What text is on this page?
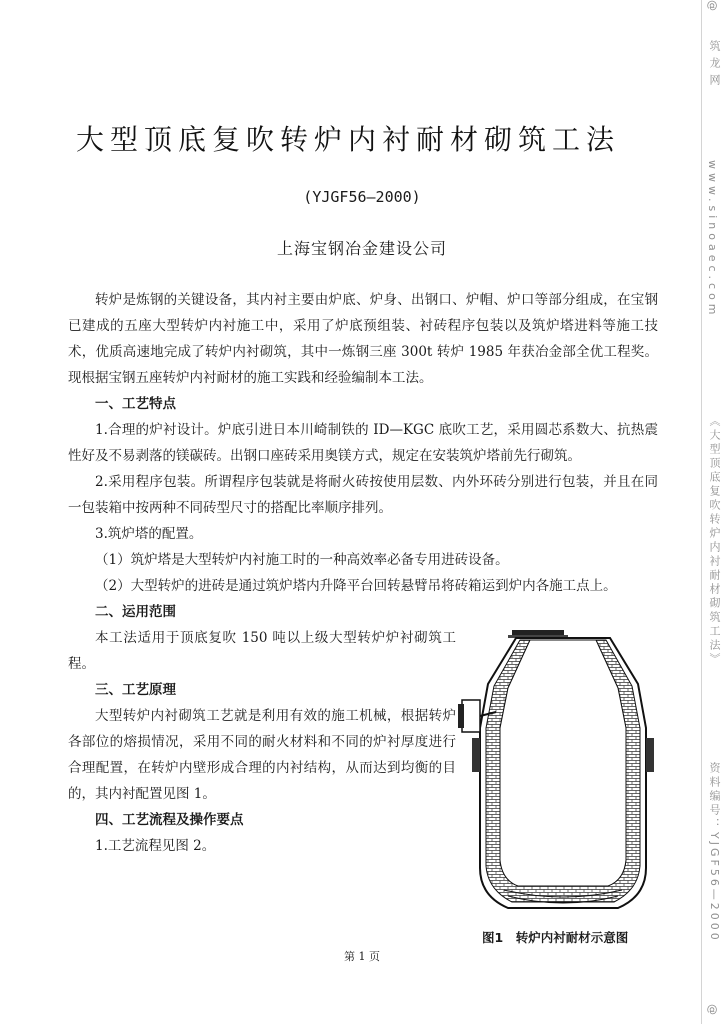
大型顶底复吹转炉内衬耐材砌筑工法
(YJGF56—2000)
上海宝钢冶金建设公司

转炉是炼钢的关键设备，其内衬主要由炉底、炉身、出钢口、炉帽、炉口等部分组成，在宝钢已建成的五座大型转炉内衬施工中，采用了炉底预组装、衬砖程序包装以及筑炉塔进料等施工技术，优质高速地完成了转炉内衬砌筑，其中一炼钢三座 300t 转炉 1985 年获冶金部全优工程奖。现根据宝钢五座转炉内衬耐材的施工实践和经验编制本工法。

一、工艺特点

1.合理的炉衬设计。炉底引进日本川崎制铁的 ID—KGC 底吹工艺，采用圆芯系数大、抗热震性好及不易剥落的镁碳砖。出钢口座砖采用奥镁方式，规定在安装筑炉塔前先行砌筑。

2.采用程序包装。所谓程序包装就是将耐火砖按使用层数、内外环砖分别进行包装，并且在同一包装箱中按两种不同砖型尺寸的搭配比率顺序排列。

3.筑炉塔的配置。

（1）筑炉塔是大型转炉内衬施工时的一种高效率必备专用进砖设备。

（2）大型转炉的进砖是通过筑炉塔内升降平台回转悬臂吊将砖箱运到炉内各施工点上。

二、运用范围

本工法适用于顶底复吹 150 吨以上级大型转炉炉衬砌筑工程。

三、工艺原理

大型转炉内衬砌筑工艺就是利用有效的施工机械，根据转炉各部位的熔损情况，采用不同的耐火材料和不同的炉衬厚度进行合理配置，在转炉内壁形成合理的内衬结构，从而达到均衡的目的，其内衬配置见图 1。

四、工艺流程及操作要点

1.工艺流程见图 2。

图1　转炉内衬耐材示意图
第 1 页
@
筑龙网
www.sinoaec.com
《大型顶底复吹转炉内衬耐材砌筑工法》
资料编号：YJGF56—2000
@
